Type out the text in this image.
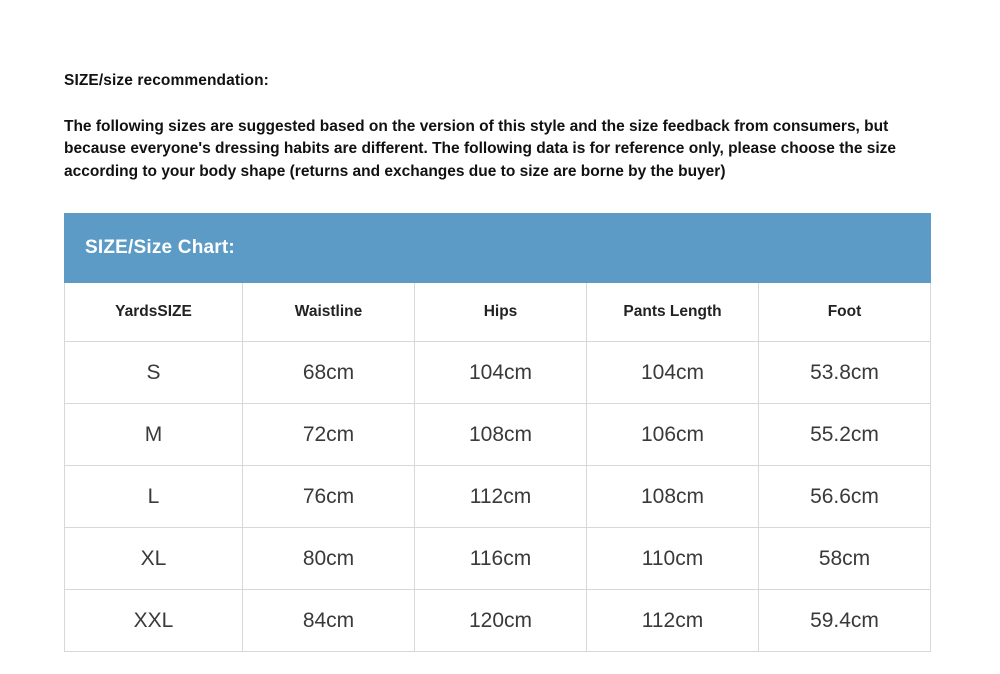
SIZE/size recommendation:

The following sizes are suggested based on the version of this style and the size feedback from consumers, but because everyone's dressing habits are different. The following data is for reference only, please choose the size according to your body shape (returns and exchanges due to size are borne by the buyer)

SIZE/Size Chart:				
YardsSIZE	Waistline	Hips	Pants Length	Foot
S	68cm	104cm	104cm	53.8cm
M	72cm	108cm	106cm	55.2cm
L	76cm	112cm	108cm	56.6cm
XL	80cm	116cm	110cm	58cm
XXL	84cm	120cm	112cm	59.4cm
